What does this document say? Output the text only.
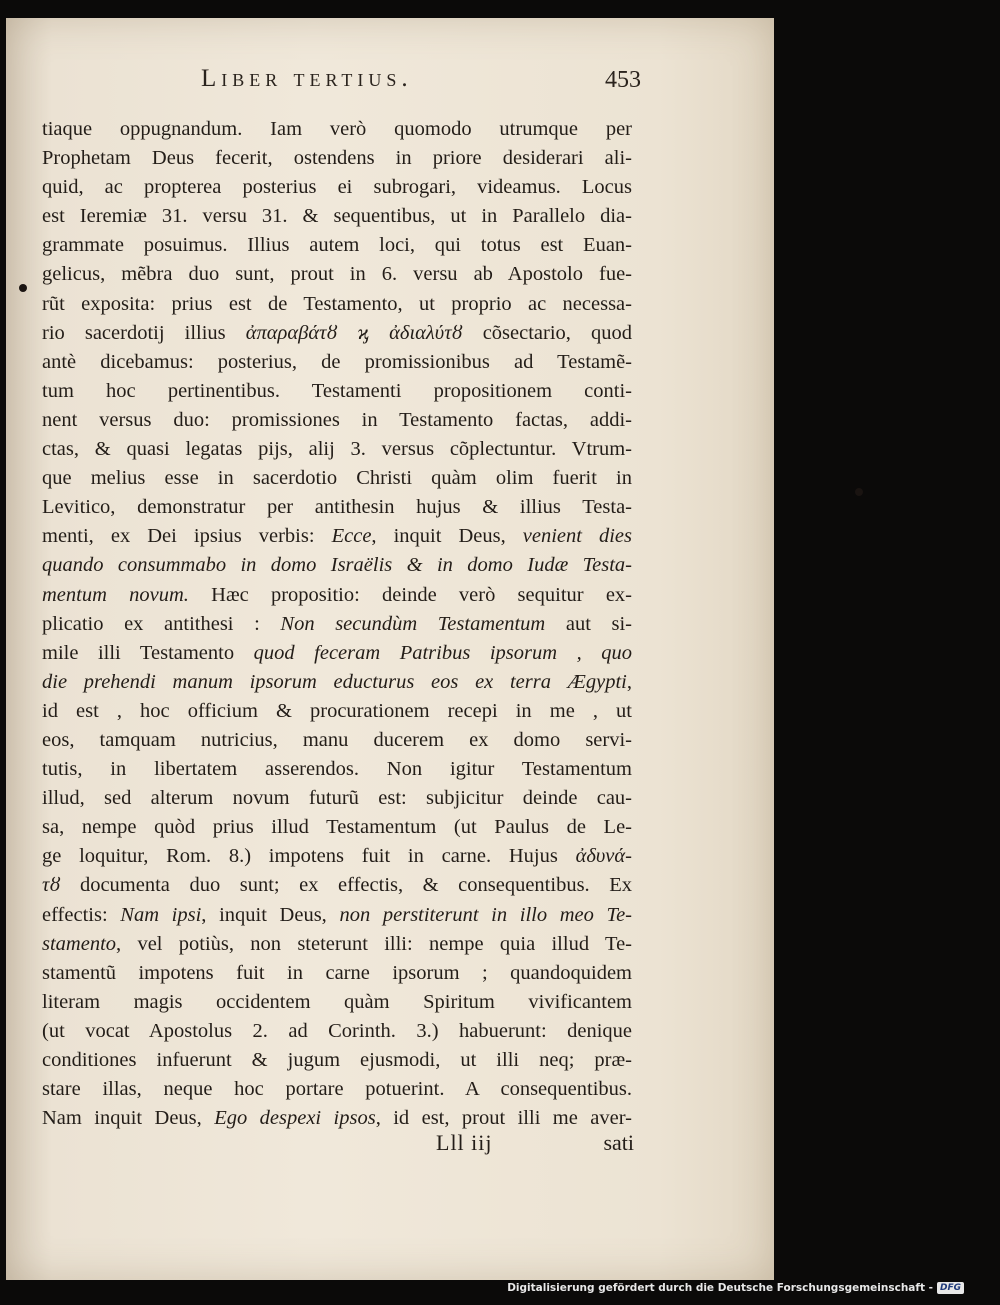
Liber tertius.	453
tiaque oppugnandum. Iam verò quomodo utrumque per
Prophetam Deus fecerit, ostendens in priore desiderari ali-
quid, ac propterea posterius ei subrogari, videamus. Locus
est Ieremiæ 31. versu 31. & sequentibus, ut in Parallelo dia-
grammate posuimus. Illius autem loci, qui totus est Euan-
gelicus, mẽbra duo sunt, prout in 6. versu ab Apostolo fue-
rũt exposita: prius est de Testamento, ut proprio ac necessa-
rio sacerdotij illius ἀπαραβάτȣ ϗ ἀδιαλύτȣ cõsectario, quod
antè dicebamus: posterius, de promissionibus ad Testamẽ-
tum hoc pertinentibus. Testamenti propositionem conti-
nent versus duo: promissiones in Testamento factas, addi-
ctas, & quasi legatas pijs, alij 3. versus cõplectuntur. Vtrum-
que melius esse in sacerdotio Christi quàm olim fuerit in
Levitico, demonstratur per antithesin hujus & illius Testa-
menti, ex Dei ipsius verbis: Ecce, inquit Deus, venient dies
quando consummabo in domo Israëlis & in domo Iudæ Testa-
mentum novum. Hæc propositio: deinde verò sequitur ex-
plicatio ex antithesi : Non secundùm Testamentum aut si-
mile illi Testamento quod feceram Patribus ipsorum , quo
die prehendi manum ipsorum educturus eos ex terra Ægypti,
id est , hoc officium & procurationem recepi in me , ut
eos, tamquam nutricius, manu ducerem ex domo servi-
tutis, in libertatem asserendos. Non igitur Testamentum
illud, sed alterum novum futurũ est: subjicitur deinde cau-
sa, nempe quòd prius illud Testamentum (ut Paulus de Le-
ge loquitur, Rom. 8.) impotens fuit in carne. Hujus ἀδυνά-
τȣ documenta duo sunt; ex effectis, & consequentibus. Ex
effectis: Nam ipsi, inquit Deus, non perstiterunt in illo meo Te-
stamento, vel potiùs, non steterunt illi: nempe quia illud Te-
stamentũ impotens fuit in carne ipsorum ; quandoquidem
literam magis occidentem quàm Spiritum vivificantem
(ut vocat Apostolus 2. ad Corinth. 3.) habuerunt: denique
conditiones infuerunt & jugum ejusmodi, ut illi neq; præ-
stare illas, neque hoc portare potuerint. A consequentibus.
Nam inquit Deus, Ego despexi ipsos, id est, prout illi me aver-
Lll iij	sati
Digitalisierung gefördert durch die Deutsche Forschungsgemeinschaft - DFG
